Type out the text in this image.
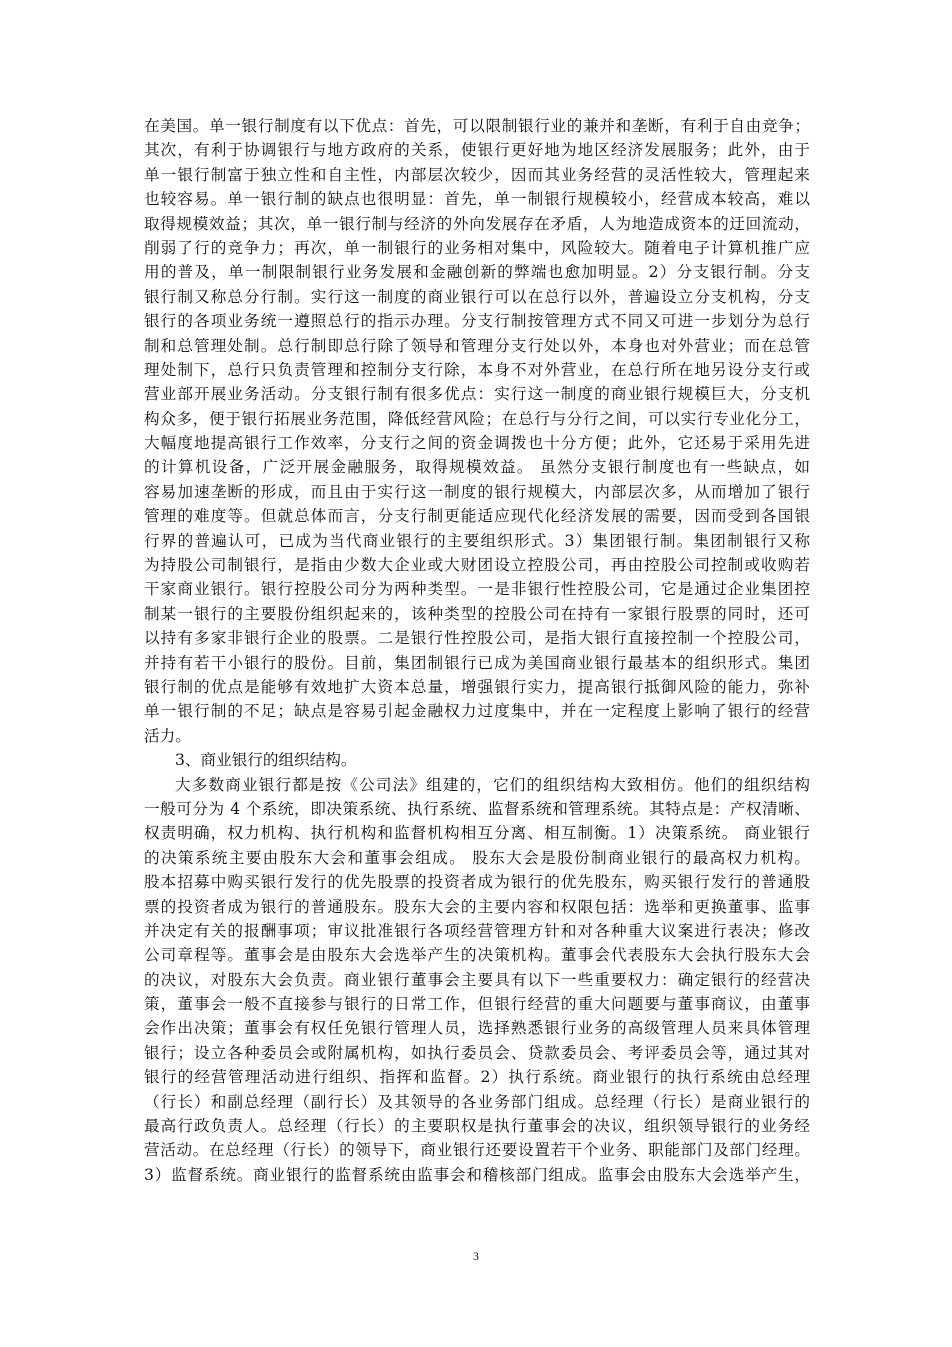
在美国。单一银行制度有以下优点：首先，可以限制银行业的兼并和垄断，有利于自由竞争；
其次，有利于协调银行与地方政府的关系，使银行更好地为地区经济发展服务；此外，由于
单一银行制富于独立性和自主性，内部层次较少，因而其业务经营的灵活性较大，管理起来
也较容易。单一银行制的缺点也很明显：首先，单一制银行规模较小，经营成本较高，难以
取得规模效益；其次，单一银行制与经济的外向发展存在矛盾，人为地造成资本的迂回流动，
削弱了行的竞争力；再次，单一制银行的业务相对集中，风险较大。随着电子计算机推广应
用的普及，单一制限制银行业务发展和金融创新的弊端也愈加明显。2）分支银行制。分支
银行制又称总分行制。实行这一制度的商业银行可以在总行以外，普遍设立分支机构，分支
银行的各项业务统一遵照总行的指示办理。分支行制按管理方式不同又可进一步划分为总行
制和总管理处制。总行制即总行除了领导和管理分支行处以外，本身也对外营业；而在总管
理处制下，总行只负责管理和控制分支行除，本身不对外营业，在总行所在地另设分支行或
营业部开展业务活动。分支银行制有很多优点：实行这一制度的商业银行规模巨大，分支机
构众多，便于银行拓展业务范围，降低经营风险；在总行与分行之间，可以实行专业化分工，
大幅度地提高银行工作效率，分支行之间的资金调拨也十分方便；此外，它还易于采用先进
的计算机设备，广泛开展金融服务，取得规模效益。 虽然分支银行制度也有一些缺点，如
容易加速垄断的形成，而且由于实行这一制度的银行规模大，内部层次多，从而增加了银行
管理的难度等。但就总体而言，分支行制更能适应现代化经济发展的需要，因而受到各国银
行界的普遍认可，已成为当代商业银行的主要组织形式。3）集团银行制。集团制银行又称
为持股公司制银行，是指由少数大企业或大财团设立控股公司，再由控股公司控制或收购若
干家商业银行。银行控股公司分为两种类型。一是非银行性控股公司，它是通过企业集团控
制某一银行的主要股份组织起来的，该种类型的控股公司在持有一家银行股票的同时，还可
以持有多家非银行企业的股票。二是银行性控股公司，是指大银行直接控制一个控股公司，
并持有若干小银行的股份。目前，集团制银行已成为美国商业银行最基本的组织形式。集团
银行制的优点是能够有效地扩大资本总量，增强银行实力，提高银行抵御风险的能力，弥补
单一银行制的不足；缺点是容易引起金融权力过度集中，并在一定程度上影响了银行的经营
活力。
3、商业银行的组织结构。
大多数商业银行都是按《公司法》组建的，它们的组织结构大致相仿。他们的组织结构
一般可分为 4 个系统，即决策系统、执行系统、监督系统和管理系统。其特点是：产权清晰、
权责明确，权力机构、执行机构和监督机构相互分离、相互制衡。1）决策系统。 商业银行
的决策系统主要由股东大会和董事会组成。 股东大会是股份制商业银行的最高权力机构。
股本招募中购买银行发行的优先股票的投资者成为银行的优先股东，购买银行发行的普通股
票的投资者成为银行的普通股东。股东大会的主要内容和权限包括：选举和更换董事、监事
并决定有关的报酬事项；审议批准银行各项经营管理方针和对各种重大议案进行表决；修改
公司章程等。董事会是由股东大会选举产生的决策机构。董事会代表股东大会执行股东大会
的决议，对股东大会负责。商业银行董事会主要具有以下一些重要权力：确定银行的经营决
策，董事会一般不直接参与银行的日常工作，但银行经营的重大问题要与董事商议，由董事
会作出决策；董事会有权任免银行管理人员，选择熟悉银行业务的高级管理人员来具体管理
银行；设立各种委员会或附属机构，如执行委员会、贷款委员会、考评委员会等，通过其对
银行的经营管理活动进行组织、指挥和监督。2）执行系统。商业银行的执行系统由总经理
（行长）和副总经理（副行长）及其领导的各业务部门组成。总经理（行长）是商业银行的
最高行政负责人。总经理（行长）的主要职权是执行董事会的决议，组织领导银行的业务经
营活动。在总经理（行长）的领导下，商业银行还要设置若干个业务、职能部门及部门经理。
3）监督系统。商业银行的监督系统由监事会和稽核部门组成。监事会由股东大会选举产生，
3
